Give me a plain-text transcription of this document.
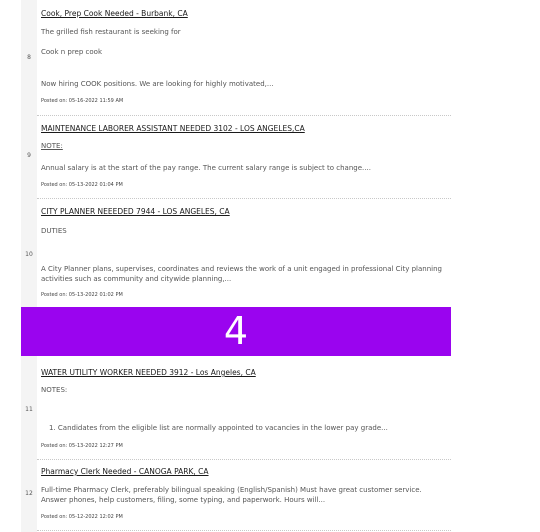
8
Cook, Prep Cook Needed - Burbank, CA
The grilled fish restaurant is seeking for
Cook n prep cook
Now hiring COOK positions. We are looking for highly motivated,...
Posted on: 05-16-2022 11:59 AM
9
MAINTENANCE LABORER ASSISTANT NEEDED 3102 - LOS ANGELES,CA
NOTE:
Annual salary is at the start of the pay range. The current salary range is subject to change....
Posted on: 05-13-2022 01:04 PM
10
CITY PLANNER NEEEDED 7944 - LOS ANGELES, CA
DUTIES
A City Planner plans, supervises, coordinates and reviews the work of a unit engaged in professional City planning activities such as community and citywide planning,...
Posted on: 05-13-2022 01:02 PM
4
11
WATER UTILITY WORKER NEEDED 3912 - Los Angeles, CA
NOTES:
1. Candidates from the eligible list are normally appointed to vacancies in the lower pay grade...
Posted on: 05-13-2022 12:27 PM
12
Pharmacy Clerk Needed - CANOGA PARK, CA
Full-time Pharmacy Clerk, preferably bilingual speaking (English/Spanish) Must have great customer service. Answer phones, help customers, filing, some typing, and paperwork. Hours will...
Posted on: 05-12-2022 12:02 PM
